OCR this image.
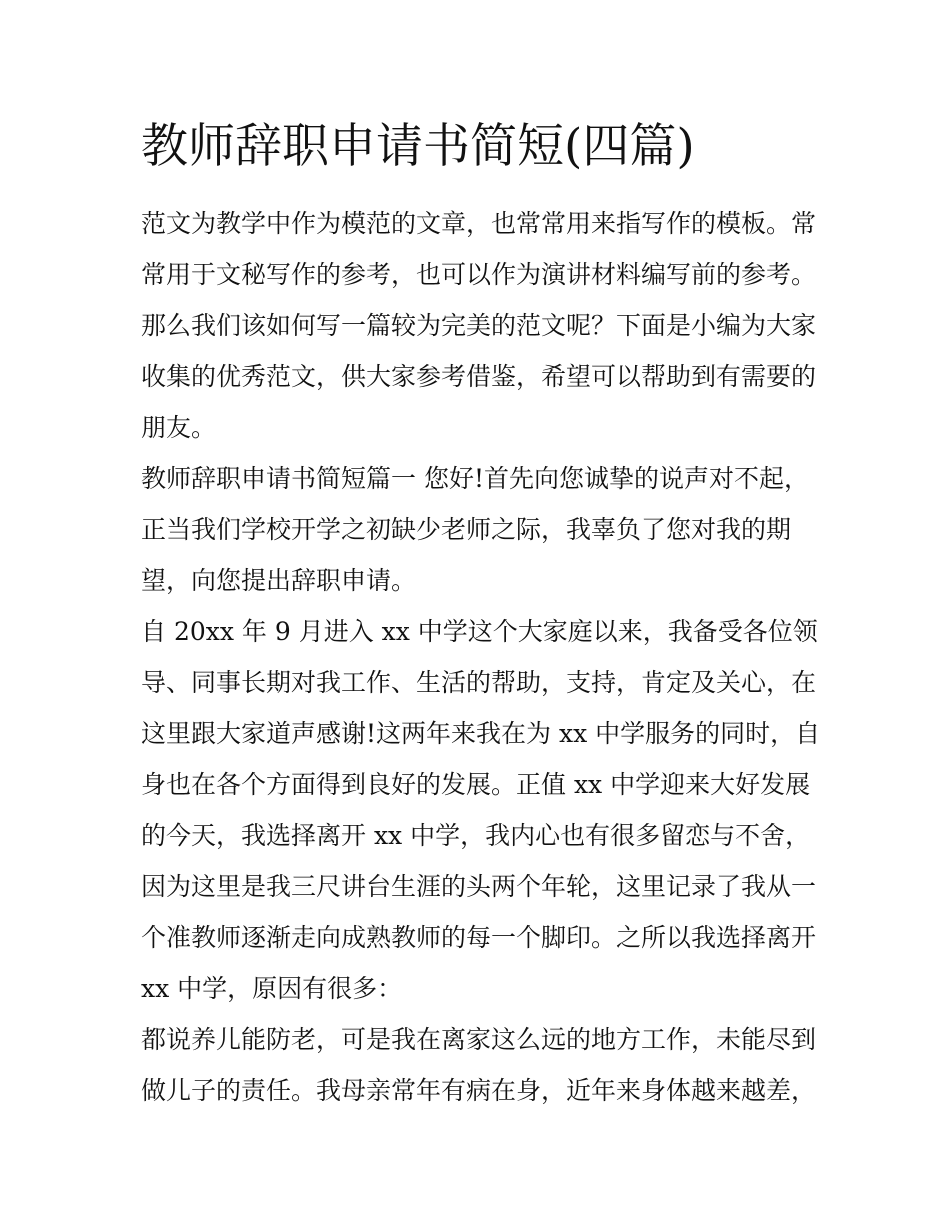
教师辞职申请书简短(四篇)
范文为教学中作为模范的文章，也常常用来指写作的模板。常
常用于文秘写作的参考，也可以作为演讲材料编写前的参考。
那么我们该如何写一篇较为完美的范文呢？下面是小编为大家
收集的优秀范文，供大家参考借鉴，希望可以帮助到有需要的
朋友。
教师辞职申请书简短篇一 您好!首先向您诚挚的说声对不起，
正当我们学校开学之初缺少老师之际，我辜负了您对我的期
望，向您提出辞职申请。
自 20xx 年 9 月进入 xx 中学这个大家庭以来，我备受各位领
导、同事长期对我工作、生活的帮助，支持，肯定及关心，在
这里跟大家道声感谢!这两年来我在为 xx 中学服务的同时，自
身也在各个方面得到良好的发展。正值 xx 中学迎来大好发展
的今天，我选择离开 xx 中学，我内心也有很多留恋与不舍，
因为这里是我三尺讲台生涯的头两个年轮，这里记录了我从一
个准教师逐渐走向成熟教师的每一个脚印。之所以我选择离开
xx 中学，原因有很多：
都说养儿能防老，可是我在离家这么远的地方工作，未能尽到
做儿子的责任。我母亲常年有病在身，近年来身体越来越差，
